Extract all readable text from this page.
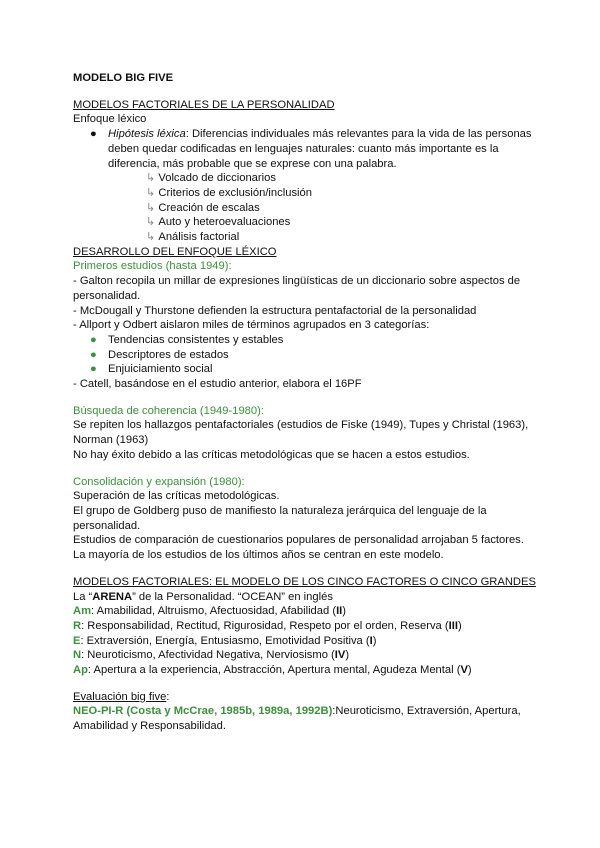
MODELO BIG FIVE
MODELOS FACTORIALES DE LA PERSONALIDAD
Enfoque léxico
● Hipótesis léxica: Diferencias individuales más relevantes para la vida de las personas deben quedar codificadas en lenguajes naturales: cuanto más importante es la diferencia, más probable que se exprese con una palabra.
↳ Volcado de diccionarios
↳ Criterios de exclusión/inclusión
↳ Creación de escalas
↳ Auto y heteroevaluaciones
↳ Análisis factorial
DESARROLLO DEL ENFOQUE LÉXICO
Primeros estudios (hasta 1949):
- Galton recopila un millar de expresiones lingüísticas de un diccionario sobre aspectos de personalidad.
- McDougall y Thurstone defienden la estructura pentafactorial de la personalidad
- Allport y Odbert aislaron miles de términos agrupados en 3 categorías:
● Tendencias consistentes y estables
● Descriptores de estados
● Enjuiciamiento social
- Catell, basándose en el estudio anterior, elabora el 16PF
Búsqueda de coherencia (1949-1980):
Se repiten los hallazgos pentafactoriales (estudios de Fiske (1949), Tupes y Christal (1963), Norman (1963)
No hay éxito debido a las críticas metodológicas que se hacen a estos estudios.
Consolidación y expansión (1980):
Superación de las críticas metodológicas.
El grupo de Goldberg puso de manifiesto la naturaleza jerárquica del lenguaje de la personalidad.
Estudios de comparación de cuestionarios populares de personalidad arrojaban 5 factores.
La mayoría de los estudios de los últimos años se centran en este modelo.
MODELOS FACTORIALES: EL MODELO DE LOS CINCO FACTORES O CINCO GRANDES
La “ARENA” de la Personalidad. “OCEAN” en inglés
Am: Amabilidad, Altruismo, Afectuosidad, Afabilidad (II)
R: Responsabilidad, Rectitud, Rigurosidad, Respeto por el orden, Reserva (III)
E: Extraversión, Energía, Entusiasmo, Emotividad Positiva (I)
N: Neuroticismo, Afectividad Negativa, Nerviosismo (IV)
Ap: Apertura a la experiencia, Abstracción, Apertura mental, Agudeza Mental (V)
Evaluación big five:
NEO-PI-R (Costa y McCrae, 1985b, 1989a, 1992B):Neuroticismo, Extraversión, Apertura, Amabilidad y Responsabilidad.
